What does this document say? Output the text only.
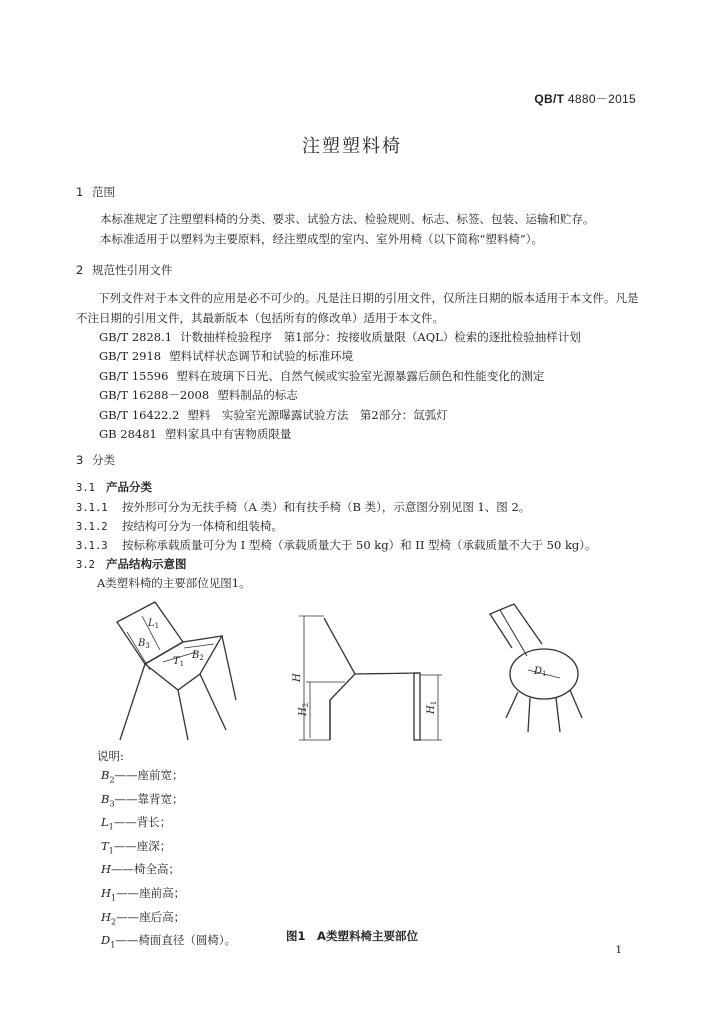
QB/T 4880－2015
注塑塑料椅
1 范围
本标准规定了注塑塑料椅的分类、要求、试验方法、检验规则、标志、标签、包装、运输和贮存。
本标准适用于以塑料为主要原料，经注塑成型的室内、室外用椅（以下简称“塑料椅”）。
2 规范性引用文件
下列文件对于本文件的应用是必不可少的。凡是注日期的引用文件，仅所注日期的版本适用于本文件。凡是不注日期的引用文件，其最新版本（包括所有的修改单）适用于本文件。
GB/T 2828.1 计数抽样检验程序　第1部分：按接收质量限（AQL）检索的逐批检验抽样计划
GB/T 2918 塑料试样状态调节和试验的标准环境
GB/T 15596 塑料在玻璃下日光、自然气候或实验室光源暴露后颜色和性能变化的测定
GB/T 16288－2008 塑料制品的标志
GB/T 16422.2 塑料　实验室光源曝露试验方法　第2部分：氙弧灯
GB 28481 塑料家具中有害物质限量
3 分类
3.1 产品分类
3.1.1 按外形可分为无扶手椅（A 类）和有扶手椅（B 类），示意图分别见图 1、图 2。
3.1.2 按结构可分为一体椅和组装椅。
3.1.3 按标称承载质量可分为 I 型椅（承载质量大于 50 kg）和 II 型椅（承载质量不大于 50 kg）。
3.2 产品结构示意图
A类塑料椅的主要部位见图1。
$L_1$
$B_3$
$B_2$
$T_1$
H
$H_2$
$H_1$
$D_1$
说明:
$B_2——$座前宽；
$B_3——$靠背宽；
$L_1——$背长；
$T_1——$座深；
H——椅全高；
$H_1——$座前高；
$H_2——$座后高；
$D_1——$椅面直径（圆椅）。	图1　A类塑料椅主要部位
1
